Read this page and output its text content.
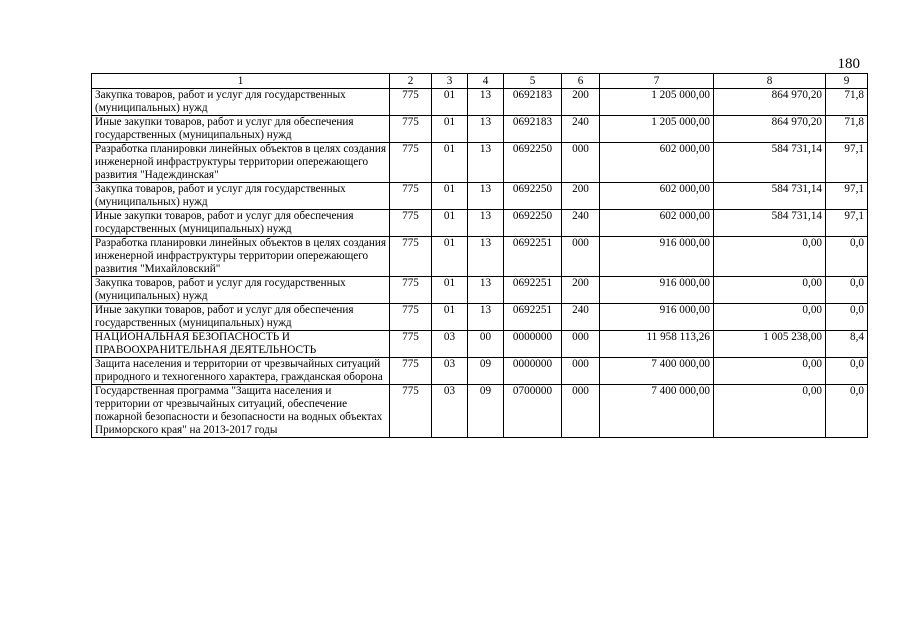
180
1	2	3	4	5	6	7	8	9
Закупка товаров, работ и услуг для государственных (муниципальных) нужд	775	01	13	0692183	200	1 205 000,00	864 970,20	71,8
Иные закупки товаров, работ и услуг для обеспечения государственных (муниципальных) нужд	775	01	13	0692183	240	1 205 000,00	864 970,20	71,8
Разработка планировки линейных объектов в целях создания инженерной инфраструктуры территории опережающего развития "Надеждинская"	775	01	13	0692250	000	602 000,00	584 731,14	97,1
Закупка товаров, работ и услуг для государственных (муниципальных) нужд	775	01	13	0692250	200	602 000,00	584 731,14	97,1
Иные закупки товаров, работ и услуг для обеспечения государственных (муниципальных) нужд	775	01	13	0692250	240	602 000,00	584 731,14	97,1
Разработка планировки линейных объектов в целях создания инженерной инфраструктуры территории опережающего развития "Михайловский"	775	01	13	0692251	000	916 000,00	0,00	0,0
Закупка товаров, работ и услуг для государственных (муниципальных) нужд	775	01	13	0692251	200	916 000,00	0,00	0,0
Иные закупки товаров, работ и услуг для обеспечения государственных (муниципальных) нужд	775	01	13	0692251	240	916 000,00	0,00	0,0
НАЦИОНАЛЬНАЯ БЕЗОПАСНОСТЬ И ПРАВООХРАНИТЕЛЬНАЯ ДЕЯТЕЛЬНОСТЬ	775	03	00	0000000	000	11 958 113,26	1 005 238,00	8,4
Защита населения и территории от чрезвычайных ситуаций природного и техногенного характера, гражданская оборона	775	03	09	0000000	000	7 400 000,00	0,00	0,0
Государственная программа "Защита населения и территории от чрезвычайных ситуаций, обеспечение пожарной безопасности и безопасности на водных объектах Приморского края" на 2013-2017 годы	775	03	09	0700000	000	7 400 000,00	0,00	0,0
